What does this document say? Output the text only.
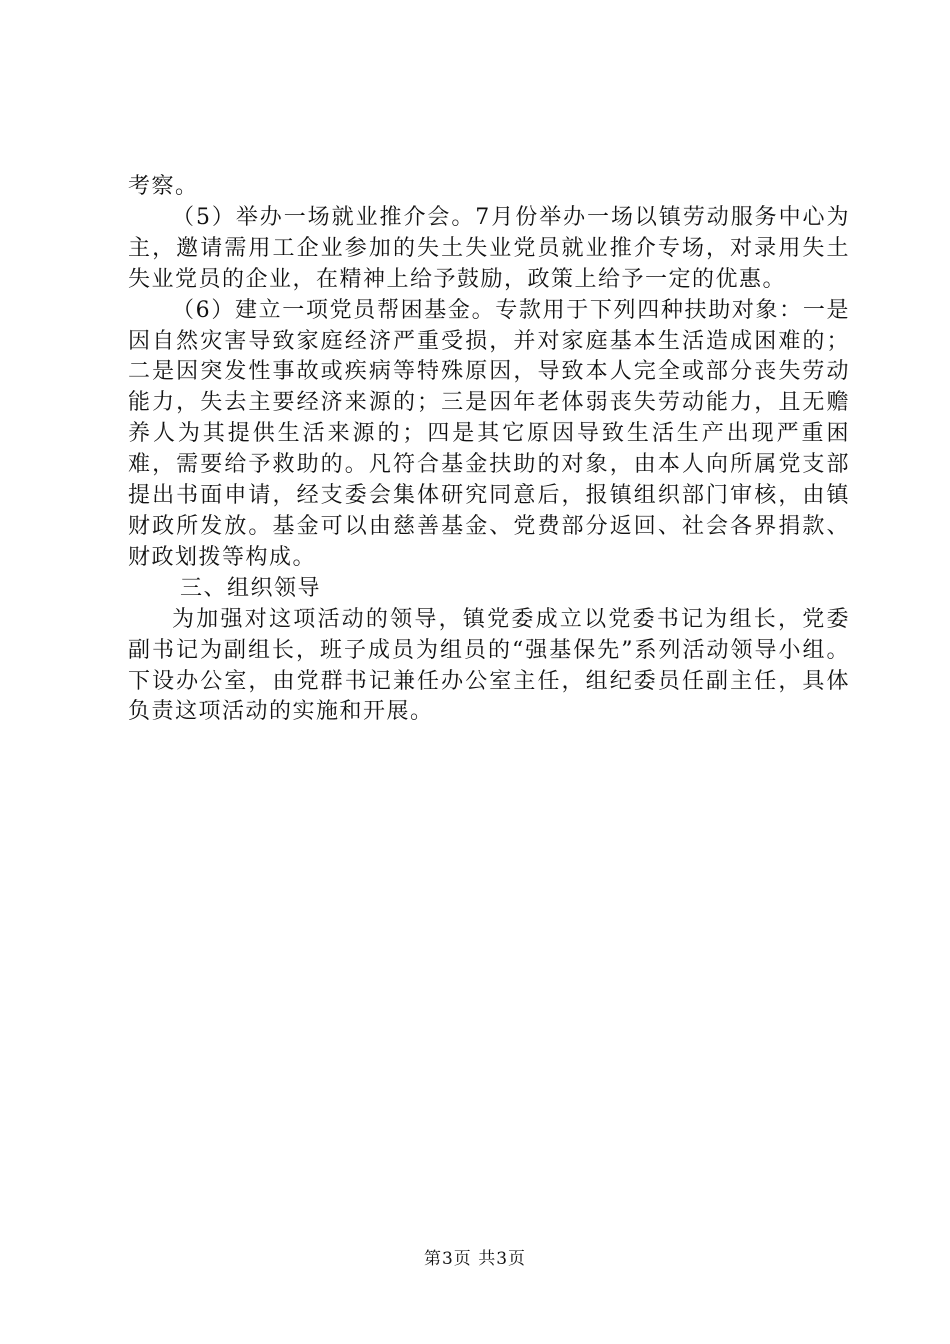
考察。

（5）举办一场就业推介会。7月份举办一场以镇劳动服务中心为主，邀请需用工企业参加的失土失业党员就业推介专场，对录用失土失业党员的企业，在精神上给予鼓励，政策上给予一定的优惠。

（6）建立一项党员帮困基金。专款用于下列四种扶助对象：一是因自然灾害导致家庭经济严重受损，并对家庭基本生活造成困难的；二是因突发性事故或疾病等特殊原因，导致本人完全或部分丧失劳动能力，失去主要经济来源的；三是因年老体弱丧失劳动能力，且无赡养人为其提供生活来源的；四是其它原因导致生活生产出现严重困难，需要给予救助的。凡符合基金扶助的对象，由本人向所属党支部提出书面申请，经支委会集体研究同意后，报镇组织部门审核，由镇财政所发放。基金可以由慈善基金、党费部分返回、社会各界捐款、财政划拨等构成。

三、组织领导

为加强对这项活动的领导，镇党委成立以党委书记为组长，党委副书记为副组长，班子成员为组员的“强基保先”系列活动领导小组。下设办公室，由党群书记兼任办公室主任，组纪委员任副主任，具体负责这项活动的实施和开展。

第3页 共3页
